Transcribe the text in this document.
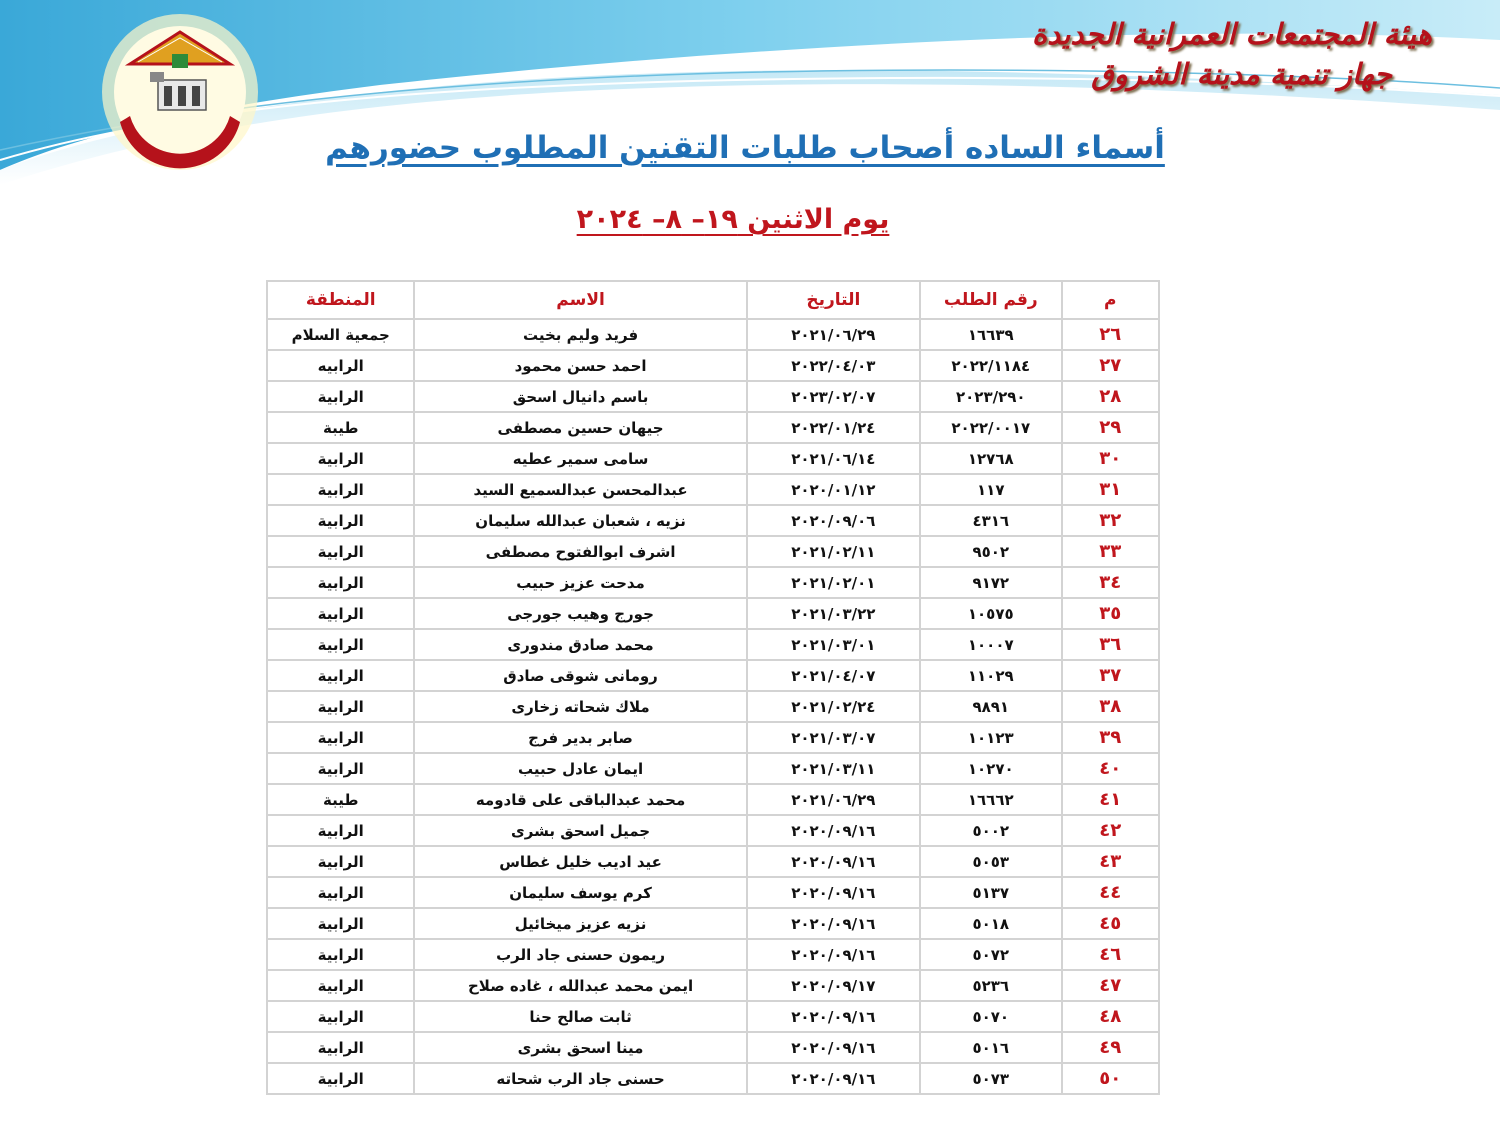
هيئة المجتمعات العمرانية الجديدة
جهاز تنمية مدينة الشروق
أسماء الساده أصحاب طلبات التقنين المطلوب حضورهم
يوم الاثنين ١٩– ٨– ٢٠٢٤
م	رقم الطلب	التاريخ	الاسم	المنطقة
٢٦	١٦٦٣٩	٢٠٢١/٠٦/٢٩	فريد وليم بخيت	جمعية السلام
٢٧	٢٠٢٢/١١٨٤	٢٠٢٢/٠٤/٠٣	احمد حسن محمود	الرابيه
٢٨	٢٠٢٣/٢٩٠	٢٠٢٣/٠٢/٠٧	باسم دانيال اسحق	الرابية
٢٩	٢٠٢٢/٠٠١٧	٢٠٢٢/٠١/٢٤	جيهان حسين مصطفى	طيبة
٣٠	١٢٧٦٨	٢٠٢١/٠٦/١٤	سامى سمير عطيه	الرابية
٣١	١١٧	٢٠٢٠/٠١/١٢	عبدالمحسن عبدالسميع السيد	الرابية
٣٢	٤٣١٦	٢٠٢٠/٠٩/٠٦	نزيه ، شعبان عبدالله سليمان	الرابية
٣٣	٩٥٠٢	٢٠٢١/٠٢/١١	اشرف ابوالفتوح مصطفى	الرابية
٣٤	٩١٧٢	٢٠٢١/٠٢/٠١	مدحت عزيز حبيب	الرابية
٣٥	١٠٥٧٥	٢٠٢١/٠٣/٢٢	جورج وهيب جورجى	الرابية
٣٦	١٠٠٠٧	٢٠٢١/٠٣/٠١	محمد صادق مندورى	الرابية
٣٧	١١٠٢٩	٢٠٢١/٠٤/٠٧	رومانى شوقى صادق	الرابية
٣٨	٩٨٩١	٢٠٢١/٠٢/٢٤	ملاك شحاته زخارى	الرابية
٣٩	١٠١٢٣	٢٠٢١/٠٣/٠٧	صابر بدير فرج	الرابية
٤٠	١٠٢٧٠	٢٠٢١/٠٣/١١	ايمان عادل حبيب	الرابية
٤١	١٦٦٦٢	٢٠٢١/٠٦/٢٩	محمد عبدالباقى على قادومه	طيبة
٤٢	٥٠٠٢	٢٠٢٠/٠٩/١٦	جميل اسحق بشرى	الرابية
٤٣	٥٠٥٣	٢٠٢٠/٠٩/١٦	عيد اديب خليل غطاس	الرابية
٤٤	٥١٣٧	٢٠٢٠/٠٩/١٦	كرم يوسف سليمان	الرابية
٤٥	٥٠١٨	٢٠٢٠/٠٩/١٦	نزيه عزيز ميخائيل	الرابية
٤٦	٥٠٧٢	٢٠٢٠/٠٩/١٦	ريمون حسنى جاد الرب	الرابية
٤٧	٥٢٣٦	٢٠٢٠/٠٩/١٧	ايمن محمد عبدالله ، غاده صلاح	الرابية
٤٨	٥٠٧٠	٢٠٢٠/٠٩/١٦	ثابت صالح حنا	الرابية
٤٩	٥٠١٦	٢٠٢٠/٠٩/١٦	مينا اسحق بشرى	الرابية
٥٠	٥٠٧٣	٢٠٢٠/٠٩/١٦	حسنى جاد الرب شحاته	الرابية
